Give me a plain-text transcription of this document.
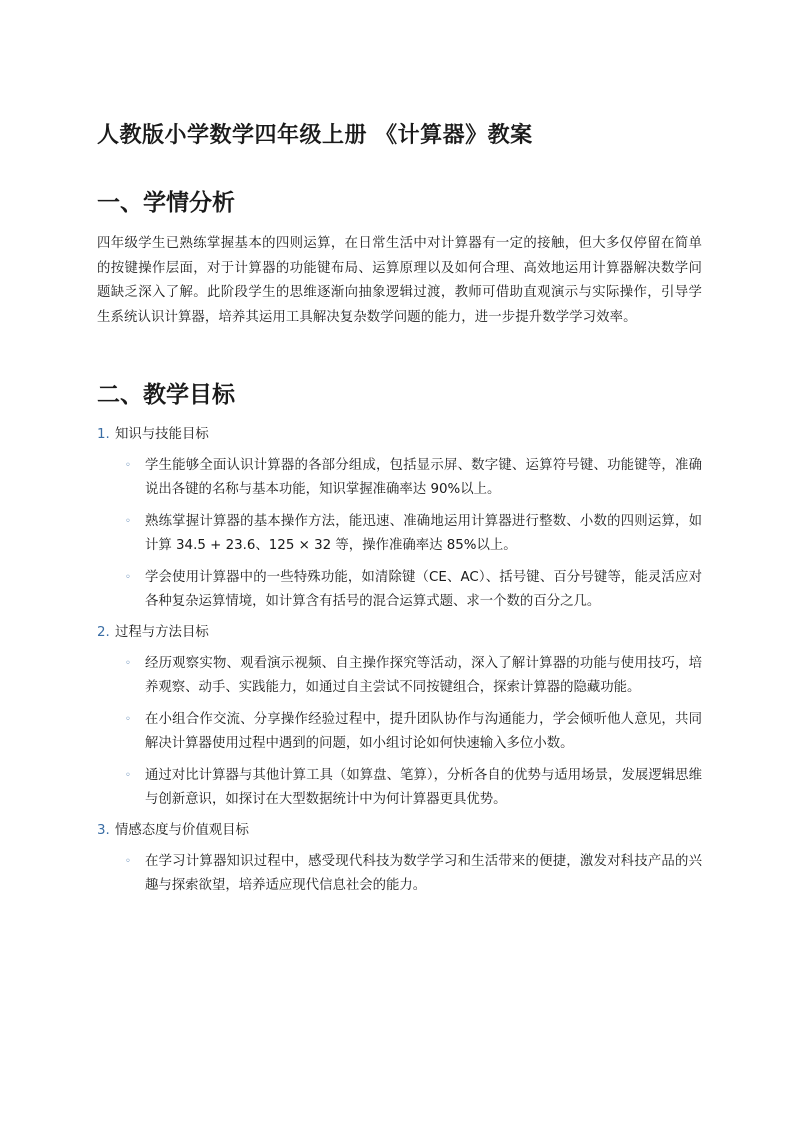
人教版小学数学四年级上册 《计算器》教案
一、学情分析

四年级学生已熟练掌握基本的四则运算，在日常生活中对计算器有一定的接触，但大多仅停留在简单的按键操作层面，对于计算器的功能键布局、运算原理以及如何合理、高效地运用计算器解决数学问题缺乏深入了解。此阶段学生的思维逐渐向抽象逻辑过渡，教师可借助直观演示与实际操作，引导学生系统认识计算器，培养其运用工具解决复杂数学问题的能力，进一步提升数学学习效率。

二、教学目标
1. 知识与技能目标
◦ 学生能够全面认识计算器的各部分组成，包括显示屏、数字键、运算符号键、功能键等，准确说出各键的名称与基本功能，知识掌握准确率达 90%以上。
◦ 熟练掌握计算器的基本操作方法，能迅速、准确地运用计算器进行整数、小数的四则运算，如计算 34.5 + 23.6、125 × 32 等，操作准确率达 85%以上。
◦ 学会使用计算器中的一些特殊功能，如清除键（CE、AC）、括号键、百分号键等，能灵活应对各种复杂运算情境，如计算含有括号的混合运算式题、求一个数的百分之几。
2. 过程与方法目标
◦ 经历观察实物、观看演示视频、自主操作探究等活动，深入了解计算器的功能与使用技巧，培养观察、动手、实践能力，如通过自主尝试不同按键组合，探索计算器的隐藏功能。
◦ 在小组合作交流、分享操作经验过程中，提升团队协作与沟通能力，学会倾听他人意见，共同解决计算器使用过程中遇到的问题，如小组讨论如何快速输入多位小数。
◦ 通过对比计算器与其他计算工具（如算盘、笔算），分析各自的优势与适用场景，发展逻辑思维与创新意识，如探讨在大型数据统计中为何计算器更具优势。
3. 情感态度与价值观目标
◦ 在学习计算器知识过程中，感受现代科技为数学学习和生活带来的便捷，激发对科技产品的兴趣与探索欲望，培养适应现代信息社会的能力。
